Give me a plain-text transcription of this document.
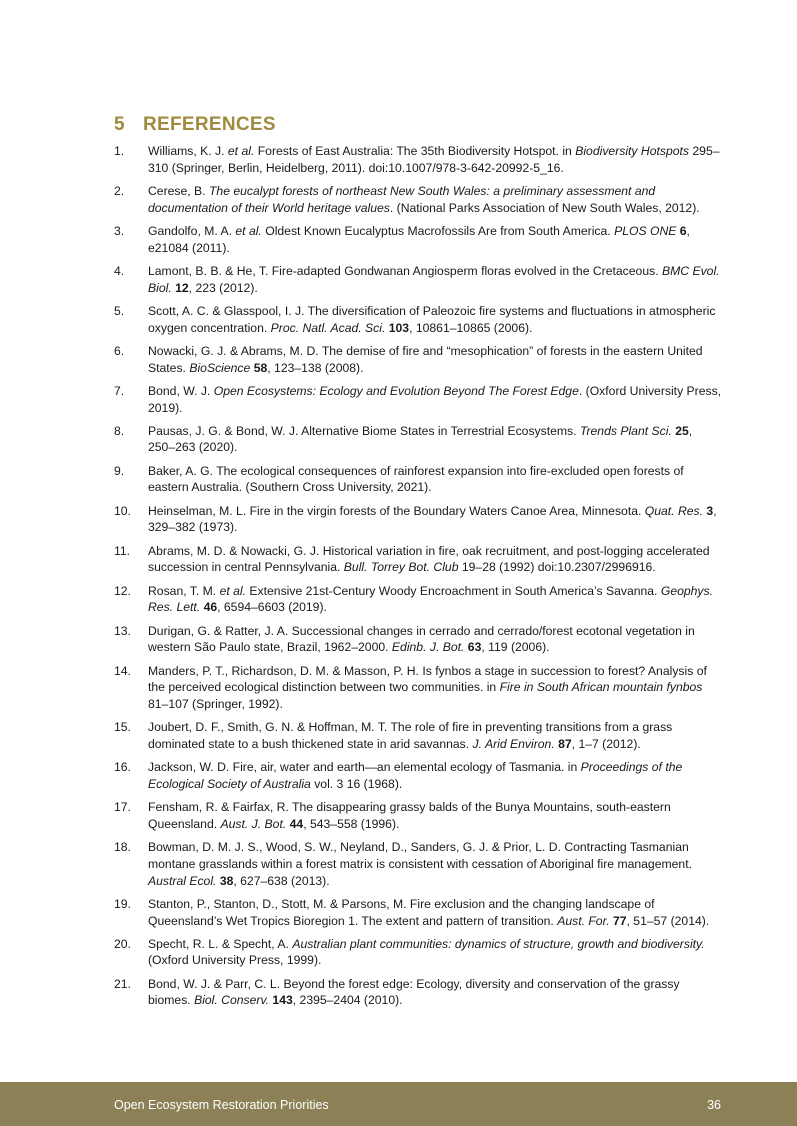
5 REFERENCES
1. Williams, K. J. et al. Forests of East Australia: The 35th Biodiversity Hotspot. in Biodiversity Hotspots 295–310 (Springer, Berlin, Heidelberg, 2011). doi:10.1007/978-3-642-20992-5_16.
2. Cerese, B. The eucalypt forests of northeast New South Wales: a preliminary assessment and documentation of their World heritage values. (National Parks Association of New South Wales, 2012).
3. Gandolfo, M. A. et al. Oldest Known Eucalyptus Macrofossils Are from South America. PLOS ONE 6, e21084 (2011).
4. Lamont, B. B. & He, T. Fire-adapted Gondwanan Angiosperm floras evolved in the Cretaceous. BMC Evol. Biol. 12, 223 (2012).
5. Scott, A. C. & Glasspool, I. J. The diversification of Paleozoic fire systems and fluctuations in atmospheric oxygen concentration. Proc. Natl. Acad. Sci. 103, 10861–10865 (2006).
6. Nowacki, G. J. & Abrams, M. D. The demise of fire and “mesophication” of forests in the eastern United States. BioScience 58, 123–138 (2008).
7. Bond, W. J. Open Ecosystems: Ecology and Evolution Beyond The Forest Edge. (Oxford University Press, 2019).
8. Pausas, J. G. & Bond, W. J. Alternative Biome States in Terrestrial Ecosystems. Trends Plant Sci. 25, 250–263 (2020).
9. Baker, A. G. The ecological consequences of rainforest expansion into fire-excluded open forests of eastern Australia. (Southern Cross University, 2021).
10. Heinselman, M. L. Fire in the virgin forests of the Boundary Waters Canoe Area, Minnesota. Quat. Res. 3, 329–382 (1973).
11. Abrams, M. D. & Nowacki, G. J. Historical variation in fire, oak recruitment, and post-logging accelerated succession in central Pennsylvania. Bull. Torrey Bot. Club 19–28 (1992) doi:10.2307/2996916.
12. Rosan, T. M. et al. Extensive 21st-Century Woody Encroachment in South America’s Savanna. Geophys. Res. Lett. 46, 6594–6603 (2019).
13. Durigan, G. & Ratter, J. A. Successional changes in cerrado and cerrado/forest ecotonal vegetation in western São Paulo state, Brazil, 1962–2000. Edinb. J. Bot. 63, 119 (2006).
14. Manders, P. T., Richardson, D. M. & Masson, P. H. Is fynbos a stage in succession to forest? Analysis of the perceived ecological distinction between two communities. in Fire in South African mountain fynbos 81–107 (Springer, 1992).
15. Joubert, D. F., Smith, G. N. & Hoffman, M. T. The role of fire in preventing transitions from a grass dominated state to a bush thickened state in arid savannas. J. Arid Environ. 87, 1–7 (2012).
16. Jackson, W. D. Fire, air, water and earth—an elemental ecology of Tasmania. in Proceedings of the Ecological Society of Australia vol. 3 16 (1968).
17. Fensham, R. & Fairfax, R. The disappearing grassy balds of the Bunya Mountains, south-eastern Queensland. Aust. J. Bot. 44, 543–558 (1996).
18. Bowman, D. M. J. S., Wood, S. W., Neyland, D., Sanders, G. J. & Prior, L. D. Contracting Tasmanian montane grasslands within a forest matrix is consistent with cessation of Aboriginal fire management. Austral Ecol. 38, 627–638 (2013).
19. Stanton, P., Stanton, D., Stott, M. & Parsons, M. Fire exclusion and the changing landscape of Queensland’s Wet Tropics Bioregion 1. The extent and pattern of transition. Aust. For. 77, 51–57 (2014).
20. Specht, R. L. & Specht, A. Australian plant communities: dynamics of structure, growth and biodiversity. (Oxford University Press, 1999).
21. Bond, W. J. & Parr, C. L. Beyond the forest edge: Ecology, diversity and conservation of the grassy biomes. Biol. Conserv. 143, 2395–2404 (2010).
Open Ecosystem Restoration Priorities	36
